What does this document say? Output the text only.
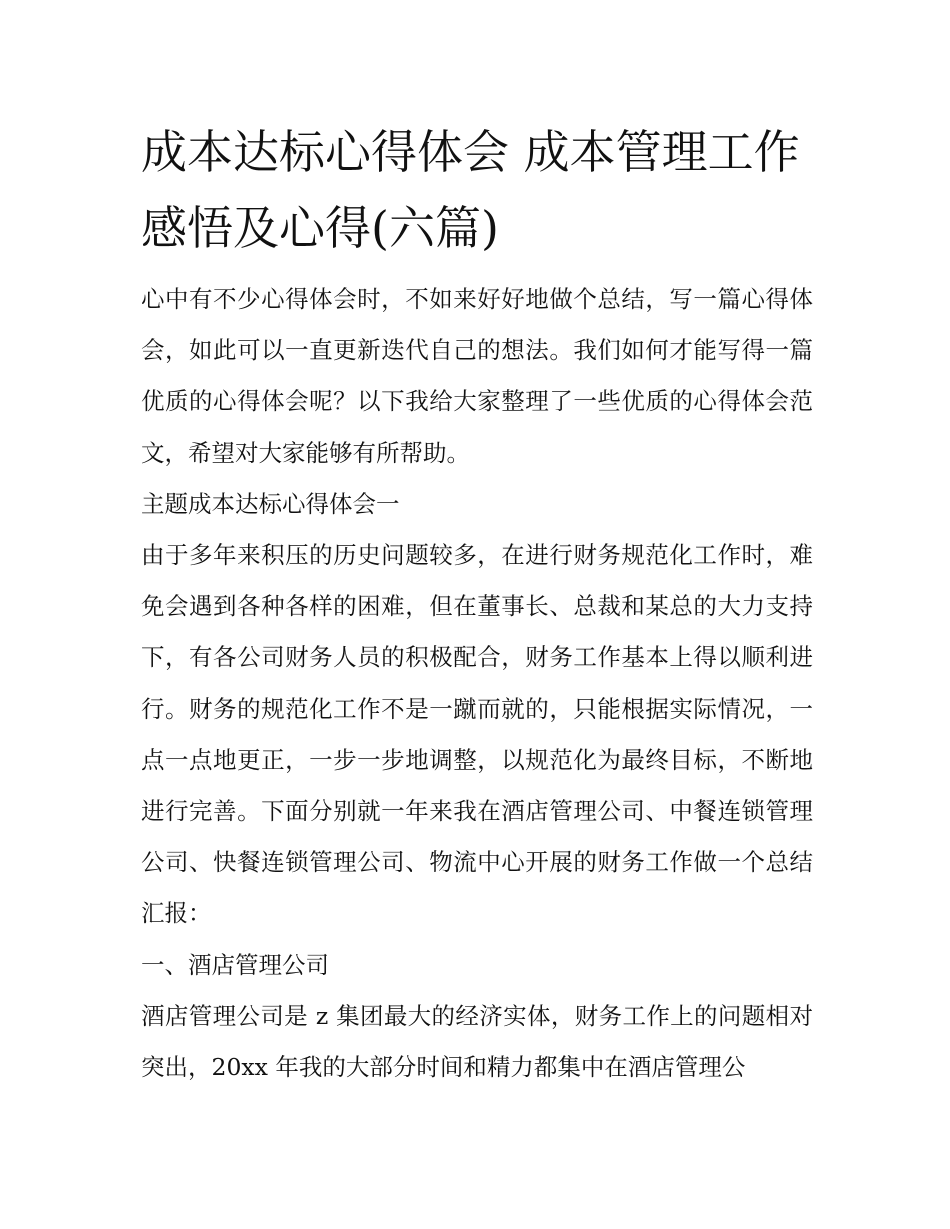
成本达标心得体会 成本管理工作感悟及心得(六篇)

心中有不少心得体会时，不如来好好地做个总结，写一篇心得体会，如此可以一直更新迭代自己的想法。我们如何才能写得一篇优质的心得体会呢？以下我给大家整理了一些优质的心得体会范文，希望对大家能够有所帮助。

主题成本达标心得体会一

由于多年来积压的历史问题较多，在进行财务规范化工作时，难免会遇到各种各样的困难，但在董事长、总裁和某总的大力支持下，有各公司财务人员的积极配合，财务工作基本上得以顺利进行。财务的规范化工作不是一蹴而就的，只能根据实际情况，一点一点地更正，一步一步地调整，以规范化为最终目标，不断地进行完善。下面分别就一年来我在酒店管理公司、中餐连锁管理公司、快餐连锁管理公司、物流中心开展的财务工作做一个总结汇报：

一、酒店管理公司

酒店管理公司是 z 集团最大的经济实体，财务工作上的问题相对突出，20xx 年我的大部分时间和精力都集中在酒店管理公
